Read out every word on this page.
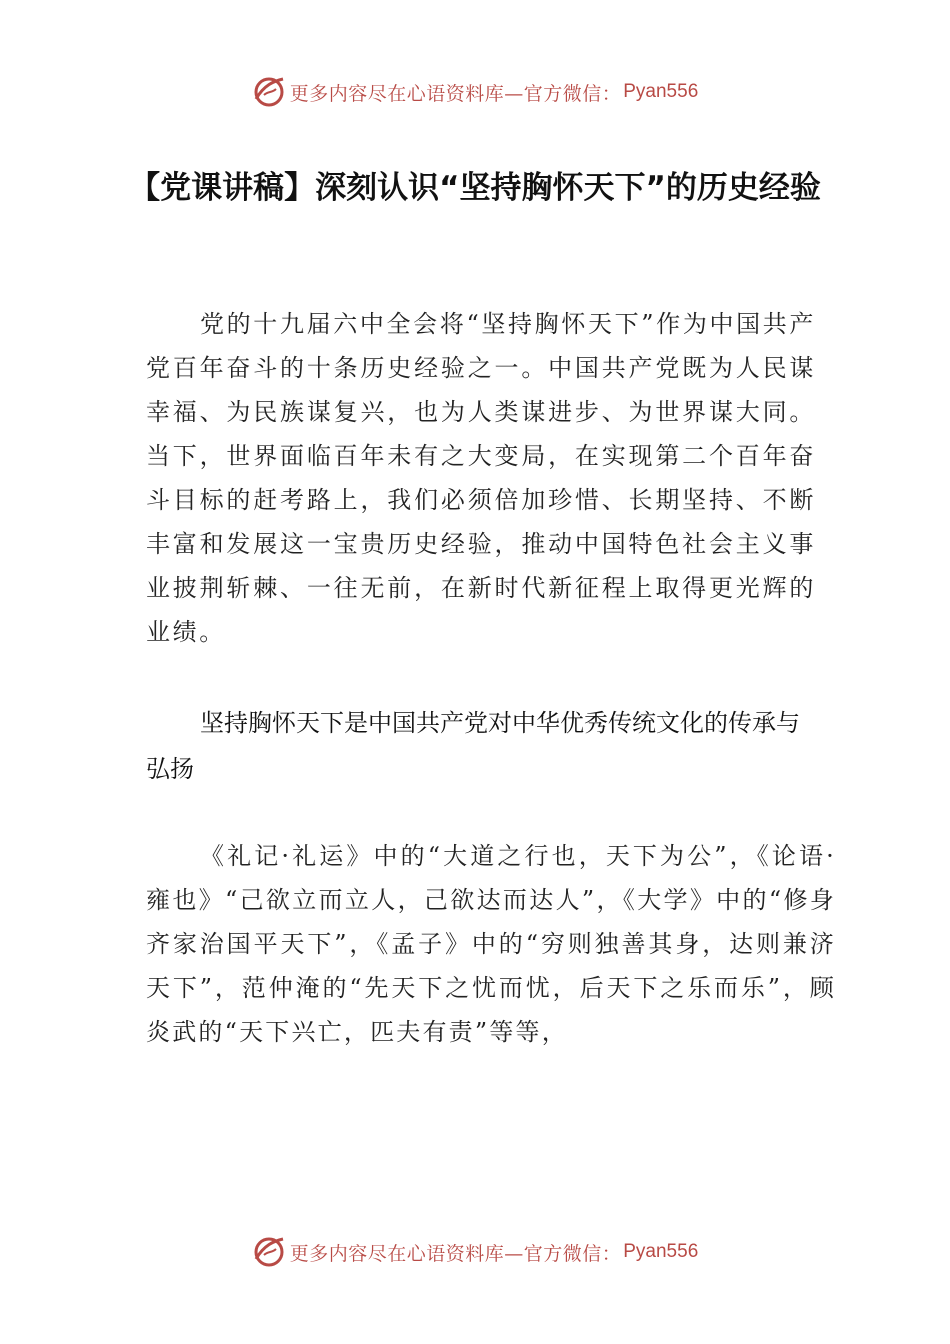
更多内容尽在心语资料库—官方微信： Pyan556
【党课讲稿】深刻认识“坚持胸怀天下”的历史经验

党的十九届六中全会将“坚持胸怀天下”作为中国共产党百年奋斗的十条历史经验之一。中国共产党既为人民谋幸福、为民族谋复兴，也为人类谋进步、为世界谋大同。当下，世界面临百年未有之大变局，在实现第二个百年奋斗目标的赶考路上，我们必须倍加珍惜、长期坚持、不断丰富和发展这一宝贵历史经验，推动中国特色社会主义事业披荆斩棘、一往无前，在新时代新征程上取得更光辉的业绩。

坚持胸怀天下是中国共产党对中华优秀传统文化的传承与弘扬

《礼记·礼运》中的“大道之行也，天下为公”，《论语·雍也》“己欲立而立人，己欲达而达人”，《大学》中的“修身齐家治国平天下”，《孟子》中的“穷则独善其身，达则兼济天下”，范仲淹的“先天下之忧而忧，后天下之乐而乐”，顾炎武的“天下兴亡，匹夫有责”等等，

更多内容尽在心语资料库—官方微信： Pyan556
